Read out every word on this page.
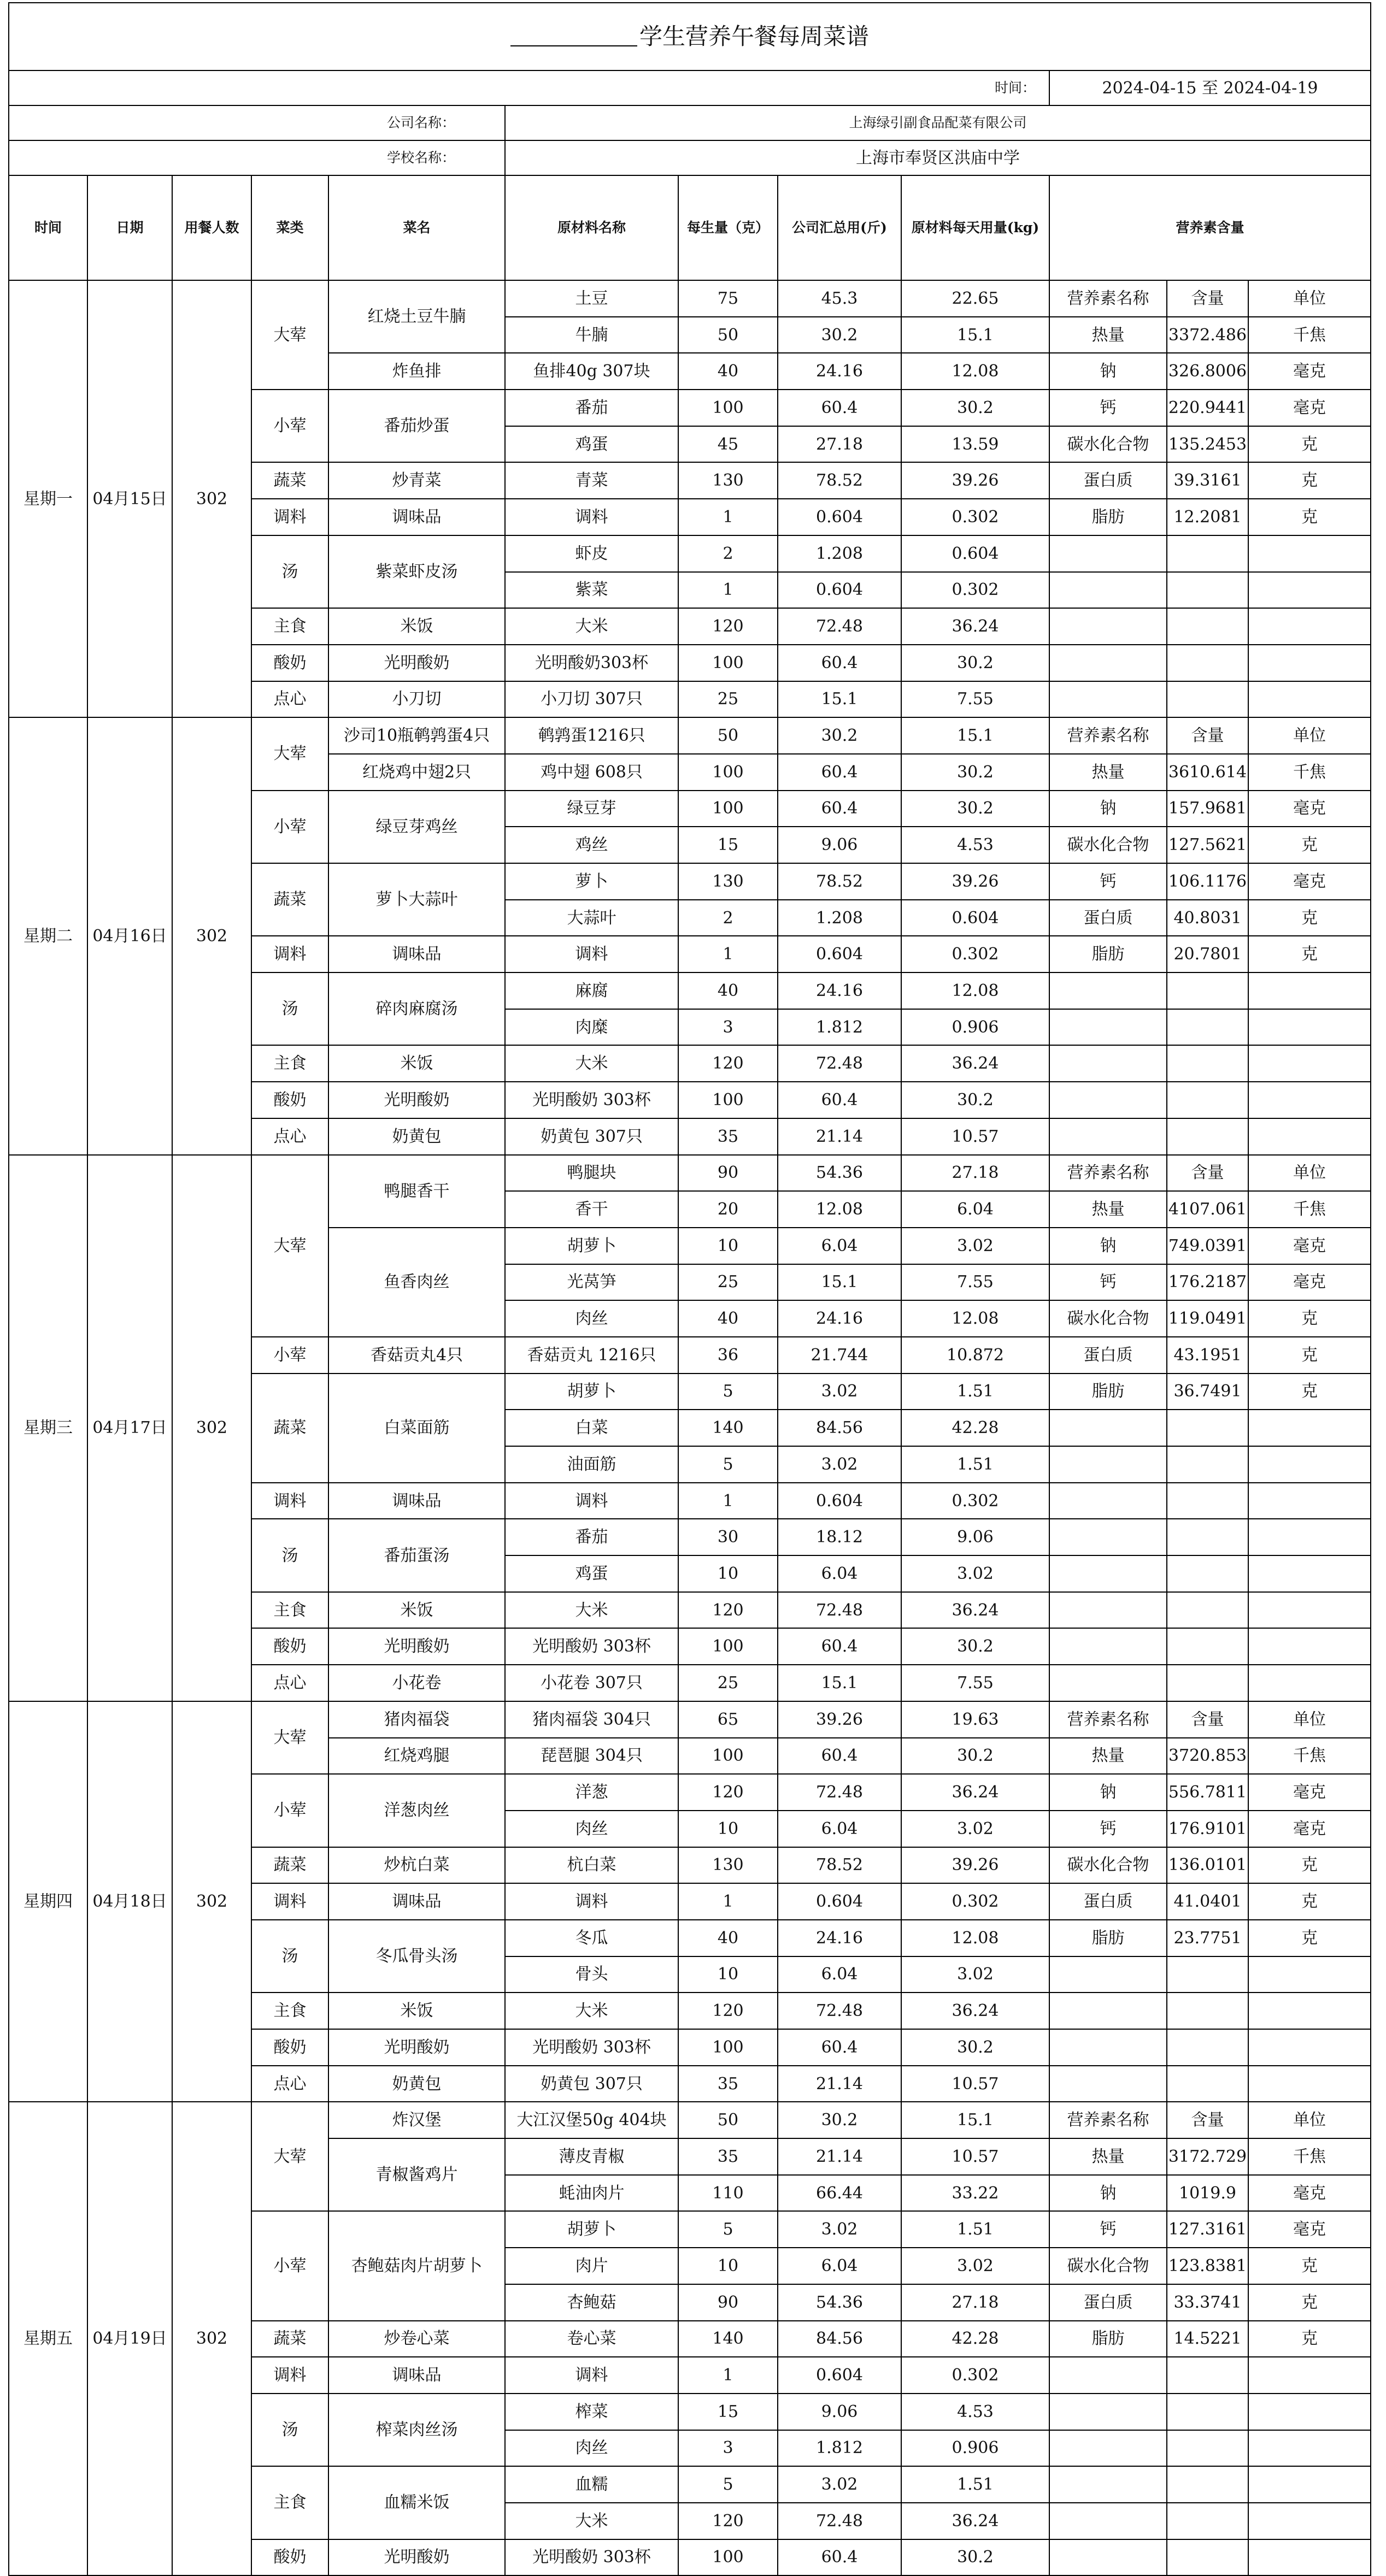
学生营养午餐每周菜谱											
时间：									2024-04-15 至 2024-04-19		
公司名称：					上海绿引副食品配菜有限公司						
学校名称：					上海市奉贤区洪庙中学						
时间	日期	用餐人数	菜类	菜名	原材料名称	每生量（克）	公司汇总用(斤)	原材料每天用量(kg)	营养素含量		
星期一	04月15日	302	大荤	红烧土豆牛腩	土豆	75	45.3	22.65	营养素名称	含量	单位
					牛腩	50	30.2	15.1	热量	3372.486	千焦
				炸鱼排	鱼排40g 307块	40	24.16	12.08	钠	326.8006	毫克
			小荤	番茄炒蛋	番茄	100	60.4	30.2	钙	220.9441	毫克
					鸡蛋	45	27.18	13.59	碳水化合物	135.2453	克
			蔬菜	炒青菜	青菜	130	78.52	39.26	蛋白质	39.3161	克
			调料	调味品	调料	1	0.604	0.302	脂肪	12.2081	克
			汤	紫菜虾皮汤	虾皮	2	1.208	0.604			
					紫菜	1	0.604	0.302			
			主食	米饭	大米	120	72.48	36.24			
			酸奶	光明酸奶	光明酸奶303杯	100	60.4	30.2			
			点心	小刀切	小刀切 307只	25	15.1	7.55			
星期二	04月16日	302	大荤	沙司10瓶鹌鹑蛋4只	鹌鹑蛋1216只	50	30.2	15.1	营养素名称	含量	单位
				红烧鸡中翅2只	鸡中翅 608只	100	60.4	30.2	热量	3610.614	千焦
			小荤	绿豆芽鸡丝	绿豆芽	100	60.4	30.2	钠	157.9681	毫克
					鸡丝	15	9.06	4.53	碳水化合物	127.5621	克
			蔬菜	萝卜大蒜叶	萝卜	130	78.52	39.26	钙	106.1176	毫克
					大蒜叶	2	1.208	0.604	蛋白质	40.8031	克
			调料	调味品	调料	1	0.604	0.302	脂肪	20.7801	克
			汤	碎肉麻腐汤	麻腐	40	24.16	12.08			
					肉糜	3	1.812	0.906			
			主食	米饭	大米	120	72.48	36.24			
			酸奶	光明酸奶	光明酸奶 303杯	100	60.4	30.2			
			点心	奶黄包	奶黄包 307只	35	21.14	10.57			
星期三	04月17日	302	大荤	鸭腿香干	鸭腿块	90	54.36	27.18	营养素名称	含量	单位
					香干	20	12.08	6.04	热量	4107.061	千焦
				鱼香肉丝	胡萝卜	10	6.04	3.02	钠	749.0391	毫克
					光莴笋	25	15.1	7.55	钙	176.2187	毫克
					肉丝	40	24.16	12.08	碳水化合物	119.0491	克
			小荤	香菇贡丸4只	香菇贡丸 1216只	36	21.744	10.872	蛋白质	43.1951	克
			蔬菜	白菜面筋	胡萝卜	5	3.02	1.51	脂肪	36.7491	克
					白菜	140	84.56	42.28			
					油面筋	5	3.02	1.51			
			调料	调味品	调料	1	0.604	0.302			
			汤	番茄蛋汤	番茄	30	18.12	9.06			
					鸡蛋	10	6.04	3.02			
			主食	米饭	大米	120	72.48	36.24			
			酸奶	光明酸奶	光明酸奶 303杯	100	60.4	30.2			
			点心	小花卷	小花卷 307只	25	15.1	7.55			
星期四	04月18日	302	大荤	猪肉福袋	猪肉福袋 304只	65	39.26	19.63	营养素名称	含量	单位
				红烧鸡腿	琵琶腿 304只	100	60.4	30.2	热量	3720.853	千焦
			小荤	洋葱肉丝	洋葱	120	72.48	36.24	钠	556.7811	毫克
					肉丝	10	6.04	3.02	钙	176.9101	毫克
			蔬菜	炒杭白菜	杭白菜	130	78.52	39.26	碳水化合物	136.0101	克
			调料	调味品	调料	1	0.604	0.302	蛋白质	41.0401	克
			汤	冬瓜骨头汤	冬瓜	40	24.16	12.08	脂肪	23.7751	克
					骨头	10	6.04	3.02			
			主食	米饭	大米	120	72.48	36.24			
			酸奶	光明酸奶	光明酸奶 303杯	100	60.4	30.2			
			点心	奶黄包	奶黄包 307只	35	21.14	10.57			
星期五	04月19日	302	大荤	炸汉堡	大江汉堡50g 404块	50	30.2	15.1	营养素名称	含量	单位
				青椒酱鸡片	薄皮青椒	35	21.14	10.57	热量	3172.729	千焦
					蚝油肉片	110	66.44	33.22	钠	1019.9	毫克
			小荤	杏鲍菇肉片胡萝卜	胡萝卜	5	3.02	1.51	钙	127.3161	毫克
					肉片	10	6.04	3.02	碳水化合物	123.8381	克
					杏鲍菇	90	54.36	27.18	蛋白质	33.3741	克
			蔬菜	炒卷心菜	卷心菜	140	84.56	42.28	脂肪	14.5221	克
			调料	调味品	调料	1	0.604	0.302			
			汤	榨菜肉丝汤	榨菜	15	9.06	4.53			
					肉丝	3	1.812	0.906			
			主食	血糯米饭	血糯	5	3.02	1.51			
					大米	120	72.48	36.24			
			酸奶	光明酸奶	光明酸奶 303杯	100	60.4	30.2			
